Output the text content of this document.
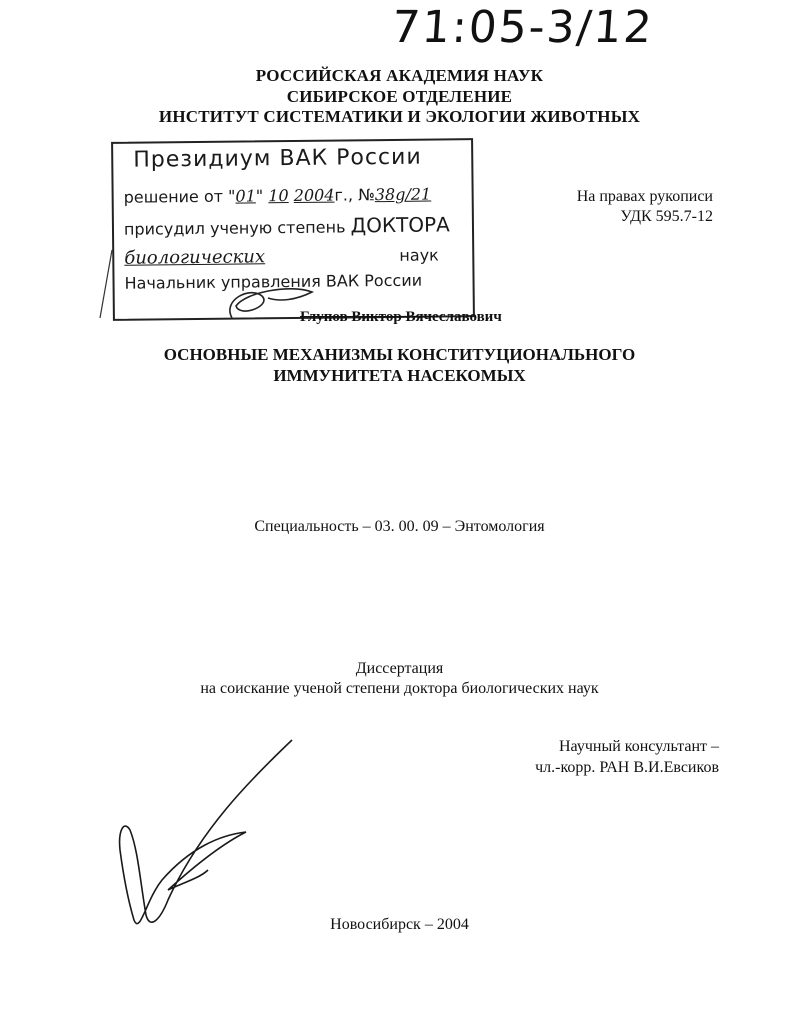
71:05-3/12
РОССИЙСКАЯ АКАДЕМИЯ НАУК
СИБИРСКОЕ ОТДЕЛЕНИЕ
ИНСТИТУТ СИСТЕМАТИКИ И ЭКОЛОГИИ ЖИВОТНЫХ
Президиум ВАК России
решение от "01" 10 2004г., №38g/21
присудил ученую степень ДОКТОРА
биологических	наук
Начальник управления ВАК России
На правах рукописи
УДК 595.7-12
Глупов Виктор Вячеславович
ОСНОВНЫЕ МЕХАНИЗМЫ КОНСТИТУЦИОНАЛЬНОГО
ИММУНИТЕТА НАСЕКОМЫХ
Специальность – 03. 00. 09 – Энтомология
Диссертация
на соискание ученой степени доктора биологических наук
Научный консультант –
чл.-корр. РАН В.И.Евсиков
Новосибирск – 2004
